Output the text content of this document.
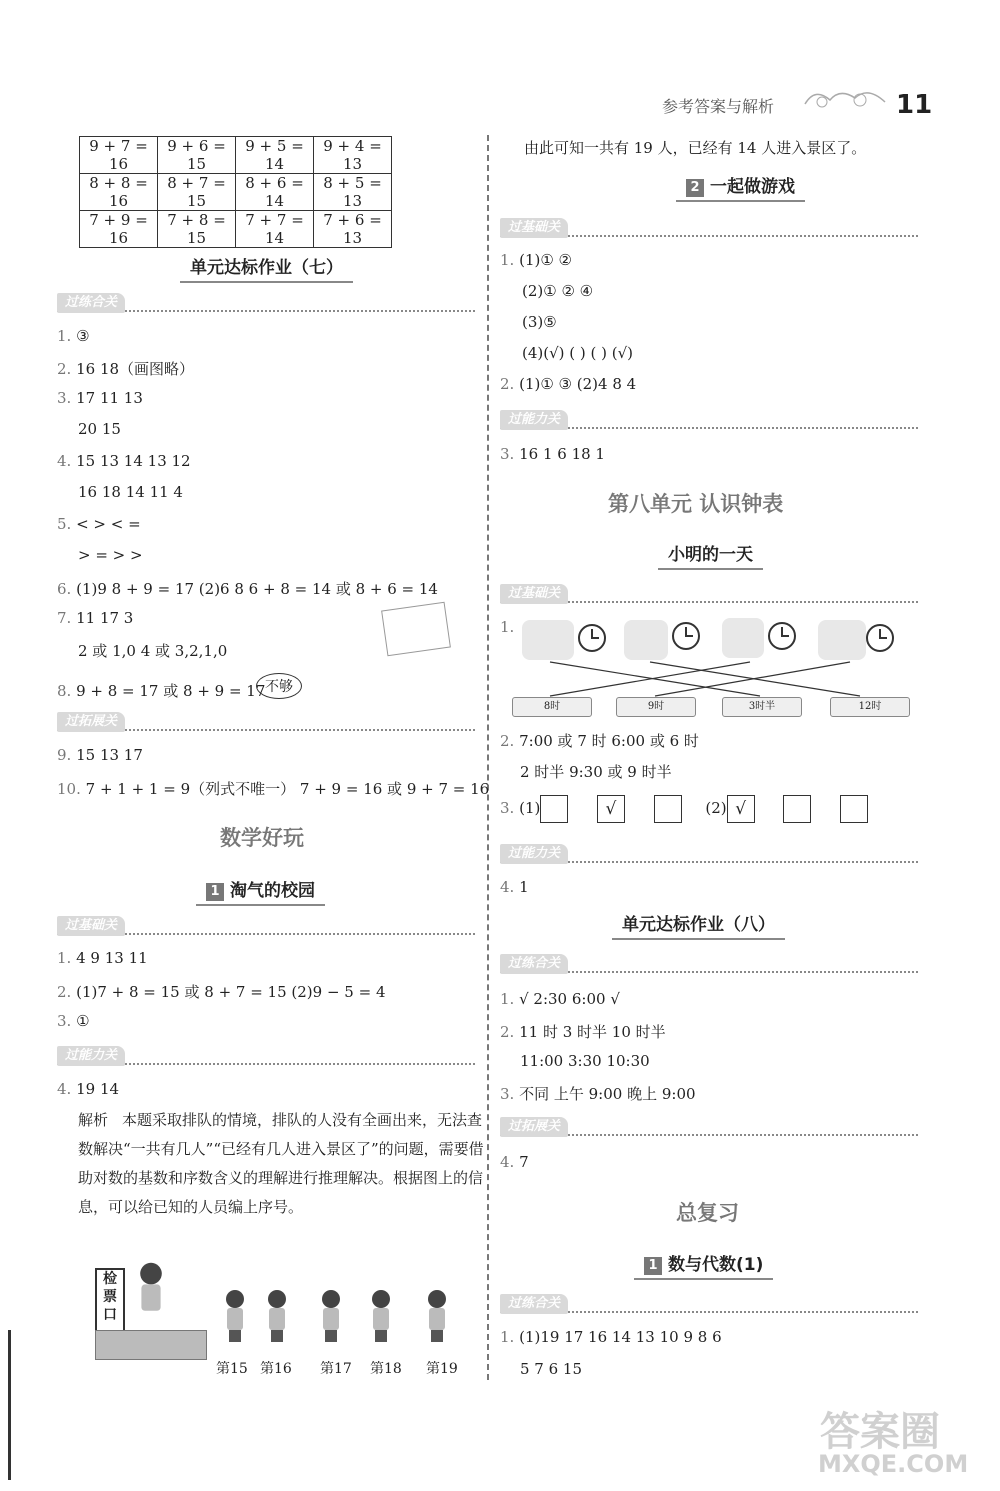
参考答案与解析	11
9 + 7 = 16	9 + 6 = 15	9 + 5 = 14	9 + 4 = 13
8 + 8 = 16	8 + 7 = 15	8 + 6 = 14	8 + 5 = 13
7 + 9 = 16	7 + 8 = 15	7 + 7 = 14	7 + 6 = 13
单元达标作业（七）
过练合关
1. ③
2. 16 18（画图略）
3. 17 11 13
20 15
4. 15 13 14 13 12
16 18 14 11 4
5. < > < =
> = > >
6. (1)9 8 + 9 = 17 (2)6 8 6 + 8 = 14 或 8 + 6 = 14
7. 11 17 3
2 或 1,0 4 或 3,2,1,0
8. 9 + 8 = 17 或 8 + 9 = 17 不够
过拓展关
9. 15 13 17
10. 7 + 1 + 1 = 9（列式不唯一） 7 + 9 = 16 或 9 + 7 = 16
数学好玩
1 淘气的校园
过基础关
1. 4 9 13 11
2. (1)7 + 8 = 15 或 8 + 7 = 15 (2)9 − 5 = 4
3. ①
过能力关
4. 19 14
解析 本题采取排队的情境，排队的人没有全画出来，无法查数解决“一共有几人”“已经有几人进入景区了”的问题，需要借助对数的基数和序数含义的理解进行推理解决。根据图上的信息，可以给已知的人员编上序号。
检票口
第15 第16 第17 第18 第19
由此可知一共有 19 人，已经有 14 人进入景区了。
2 一起做游戏
过基础关
1. (1)① ②
(2)① ② ④
(3)⑤
(4)(√) ( ) ( ) (√)
2. (1)① ③ (2)4 8 4
过能力关
3. 16 1 6 18 1
第八单元 认识钟表
小明的一天
过基础关
1.
8时	9时	3时半	12时
2. 7:00 或 7 时 6:00 或 6 时
2 时半 9:30 或 9 时半
3. (1)	√	(2) √
过能力关
4. 1
单元达标作业（八）
过练合关
1. √ 2:30 6:00 √
2. 11 时 3 时半 10 时半
11:00 3:30 10:30
3. 不同 上午 9:00 晚上 9:00
过拓展关
4. 7
总复习
1 数与代数(1)
过练合关
1. (1)19 17 16 14 13 10 9 8 6
5 7 6 15
答案圈
MXQE.COM
